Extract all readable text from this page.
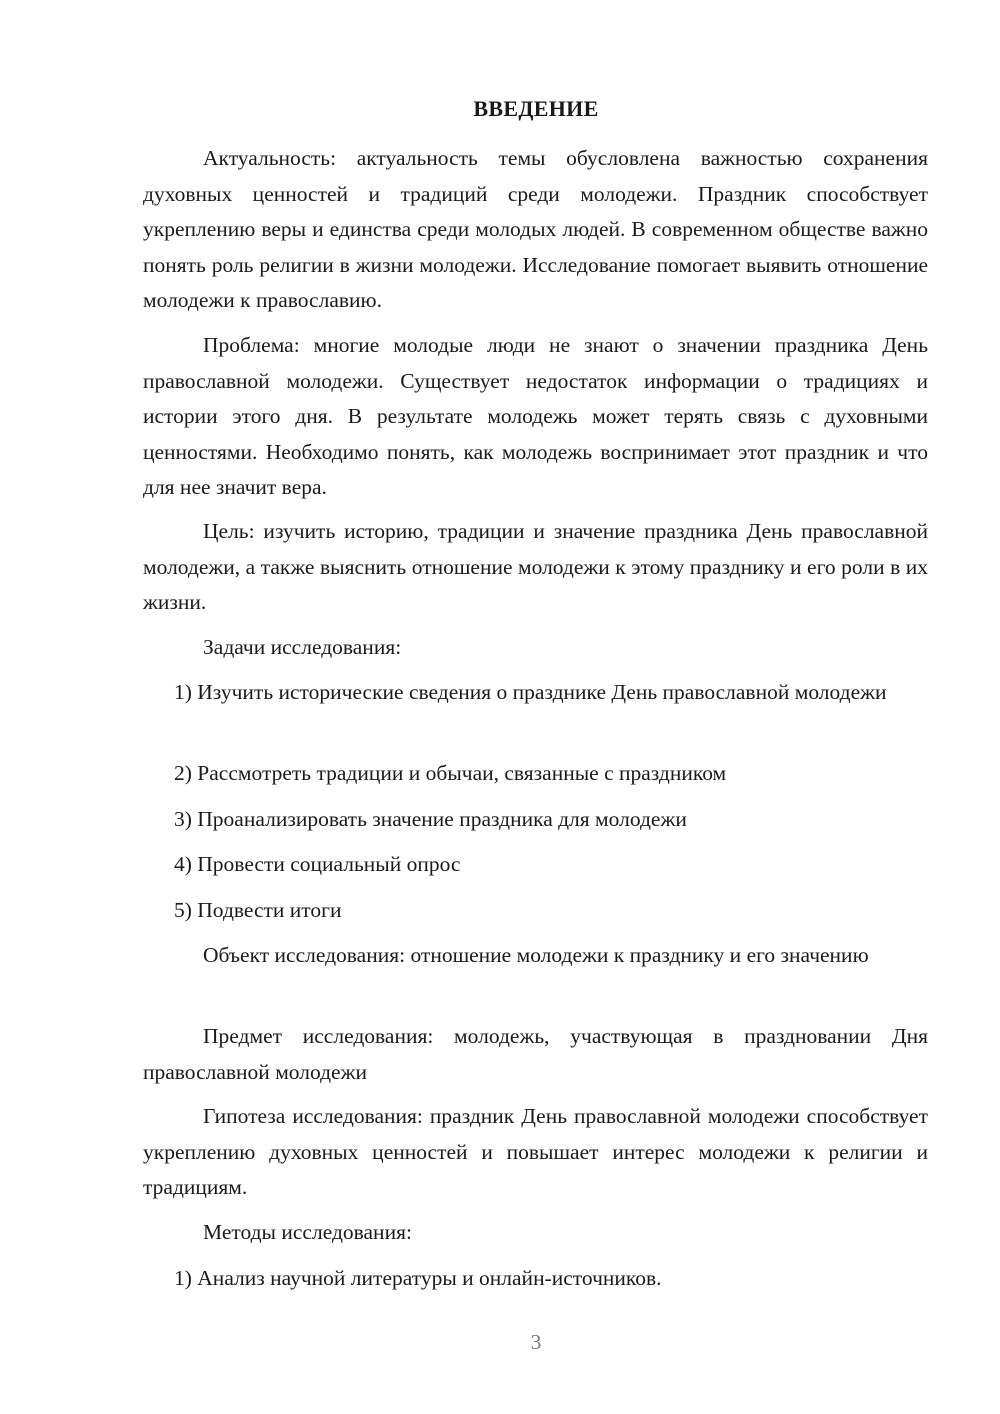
ВВЕДЕНИЕ

Актуальность: актуальность темы обусловлена важностью сохранения духовных ценностей и традиций среди молодежи. Праздник способствует укреплению веры и единства среди молодых людей. В современном обществе важно понять роль религии в жизни молодежи. Исследование помогает выявить отношение молодежи к православию.

Проблема: многие молодые люди не знают о значении праздника День православной молодежи. Существует недостаток информации о традициях и истории этого дня. В результате молодежь может терять связь с духовными ценностями. Необходимо понять, как молодежь воспринимает этот праздник и что для нее значит вера.

Цель: изучить историю, традиции и значение праздника День православной молодежи, а также выяснить отношение молодежи к этому празднику и его роли в их жизни.

Задачи исследования:

1) Изучить исторические сведения о празднике День православной молодежи

2) Рассмотреть традиции и обычаи, связанные с праздником

3) Проанализировать значение праздника для молодежи

4) Провести социальный опрос

5) Подвести итоги

Объект исследования: отношение молодежи к празднику и его значению

Предмет исследования: молодежь, участвующая в праздновании Дня православной молодежи

Гипотеза исследования: праздник День православной молодежи способствует укреплению духовных ценностей и повышает интерес молодежи к религии и традициям.

Методы исследования:

1) Анализ научной литературы и онлайн-источников.

3
